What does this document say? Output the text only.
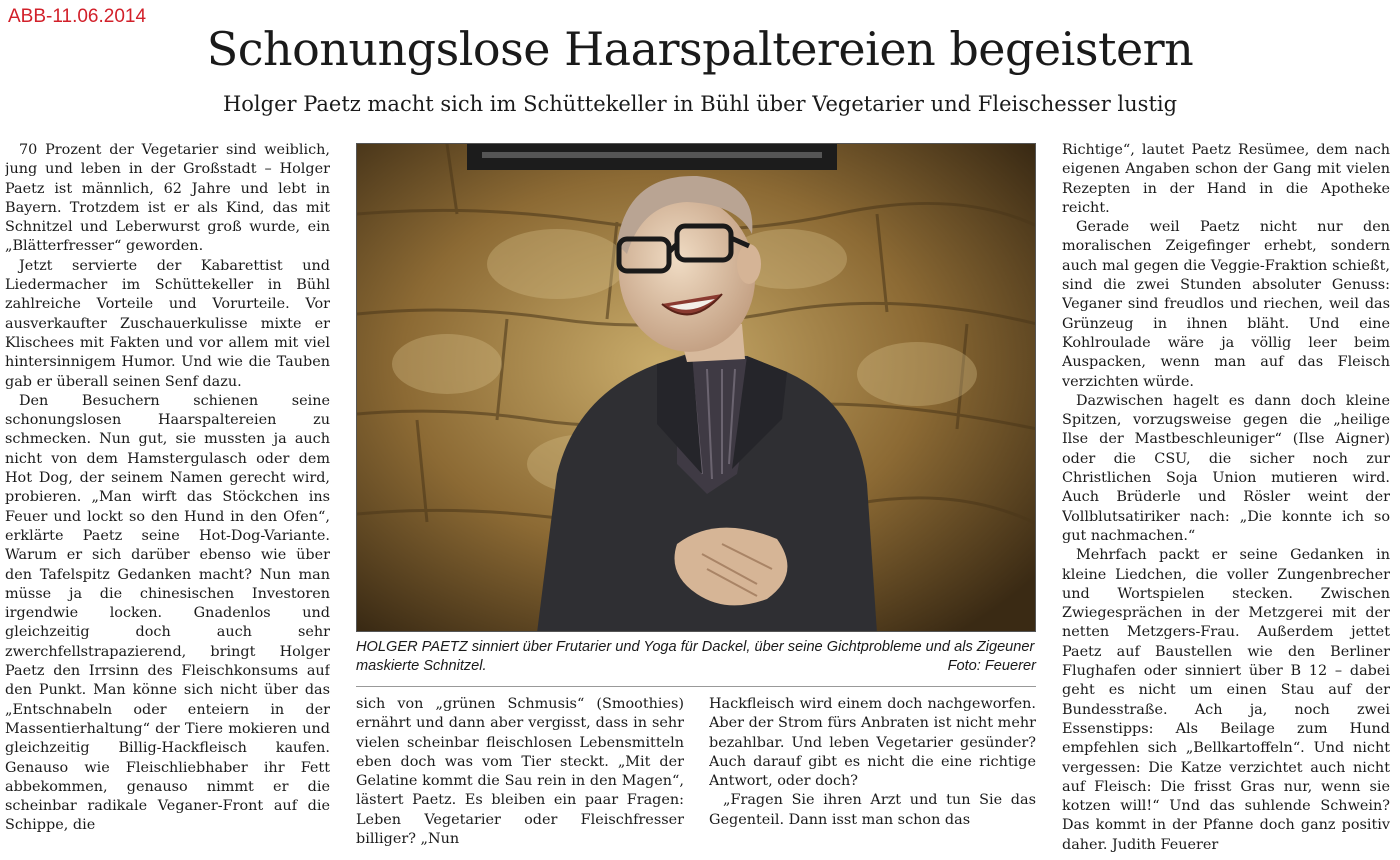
ABB-11.06.2014
Schonungslose Haarspaltereien begeistern
Holger Paetz macht sich im Schüttekeller in Bühl über Vegetarier und Fleischesser lustig

70 Prozent der Vegetarier sind weiblich, jung und leben in der Großstadt – Holger Paetz ist männlich, 62 Jahre und lebt in Bayern. Trotzdem ist er als Kind, das mit Schnitzel und Leberwurst groß wurde, ein „Blätterfresser“ geworden.

Jetzt servierte der Kabarettist und Liedermacher im Schüttekeller in Bühl zahlreiche Vorteile und Vorurteile. Vor ausverkaufter Zuschauerkulisse mixte er Klischees mit Fakten und vor allem mit viel hintersinnigem Humor. Und wie die Tauben gab er überall seinen Senf dazu.

Den Besuchern schienen seine schonungslosen Haarspaltereien zu schmecken. Nun gut, sie mussten ja auch nicht von dem Hamstergulasch oder dem Hot Dog, der seinem Namen gerecht wird, probieren. „Man wirft das Stöckchen ins Feuer und lockt so den Hund in den Ofen“, erklärte Paetz seine Hot-Dog-Variante. Warum er sich darüber ebenso wie über den Tafelspitz Gedanken macht? Nun man müsse ja die chinesischen Investoren irgendwie locken. Gnadenlos und gleichzeitig doch auch sehr zwerchfellstrapazierend, bringt Holger Paetz den Irrsinn des Fleischkonsums auf den Punkt. Man könne sich nicht über das „Entschnabeln oder enteiern in der Massentierhaltung“ der Tiere mokieren und gleichzeitig Billig-Hackfleisch kaufen. Genauso wie Fleischliebhaber ihr Fett abbekommen, genauso nimmt er die scheinbar radikale Veganer-Front auf die Schippe, die

HOLGER PAETZ sinniert über Frutarier und Yoga für Dackel, über seine Gichtprobleme und als Zigeuner maskierte Schnitzel.	Foto: Feuerer

sich von „grünen Schmusis“ (Smoothies) ernährt und dann aber vergisst, dass in sehr vielen scheinbar fleischlosen Lebensmitteln eben doch was vom Tier steckt. „Mit der Gelatine kommt die Sau rein in den Magen“, lästert Paetz. Es bleiben ein paar Fragen: Leben Vegetarier oder Fleischfresser billiger? „Nun

Hackfleisch wird einem doch nachgeworfen. Aber der Strom fürs Anbraten ist nicht mehr bezahlbar. Und leben Vegetarier gesünder? Auch darauf gibt es nicht die eine richtige Antwort, oder doch?

„Fragen Sie ihren Arzt und tun Sie das Gegenteil. Dann isst man schon das

Richtige“, lautet Paetz Resümee, dem nach eigenen Angaben schon der Gang mit vielen Rezepten in der Hand in die Apotheke reicht.

Gerade weil Paetz nicht nur den moralischen Zeigefinger erhebt, sondern auch mal gegen die Veggie-Fraktion schießt, sind die zwei Stunden absoluter Genuss: Veganer sind freudlos und riechen, weil das Grünzeug in ihnen bläht. Und eine Kohlroulade wäre ja völlig leer beim Auspacken, wenn man auf das Fleisch verzichten würde.

Dazwischen hagelt es dann doch kleine Spitzen, vorzugsweise gegen die „heilige Ilse der Mastbeschleuniger“ (Ilse Aigner) oder die CSU, die sicher noch zur Christlichen Soja Union mutieren wird. Auch Brüderle und Rösler weint der Vollblutsatiriker nach: „Die konnte ich so gut nachmachen.“

Mehrfach packt er seine Gedanken in kleine Liedchen, die voller Zungenbrecher und Wortspielen stecken. Zwischen Zwiegesprächen in der Metzgerei mit der netten Metzgers-Frau. Außerdem jettet Paetz auf Baustellen wie den Berliner Flughafen oder sinniert über B 12 – dabei geht es nicht um einen Stau auf der Bundesstraße. Ach ja, noch zwei Essenstipps: Als Beilage zum Hund empfehlen sich „Bellkartoffeln“. Und nicht vergessen: Die Katze verzichtet auch nicht auf Fleisch: Die frisst Gras nur, wenn sie kotzen will!“ Und das suhlende Schwein? Das kommt in der Pfanne doch ganz positiv daher. Judith Feuerer
